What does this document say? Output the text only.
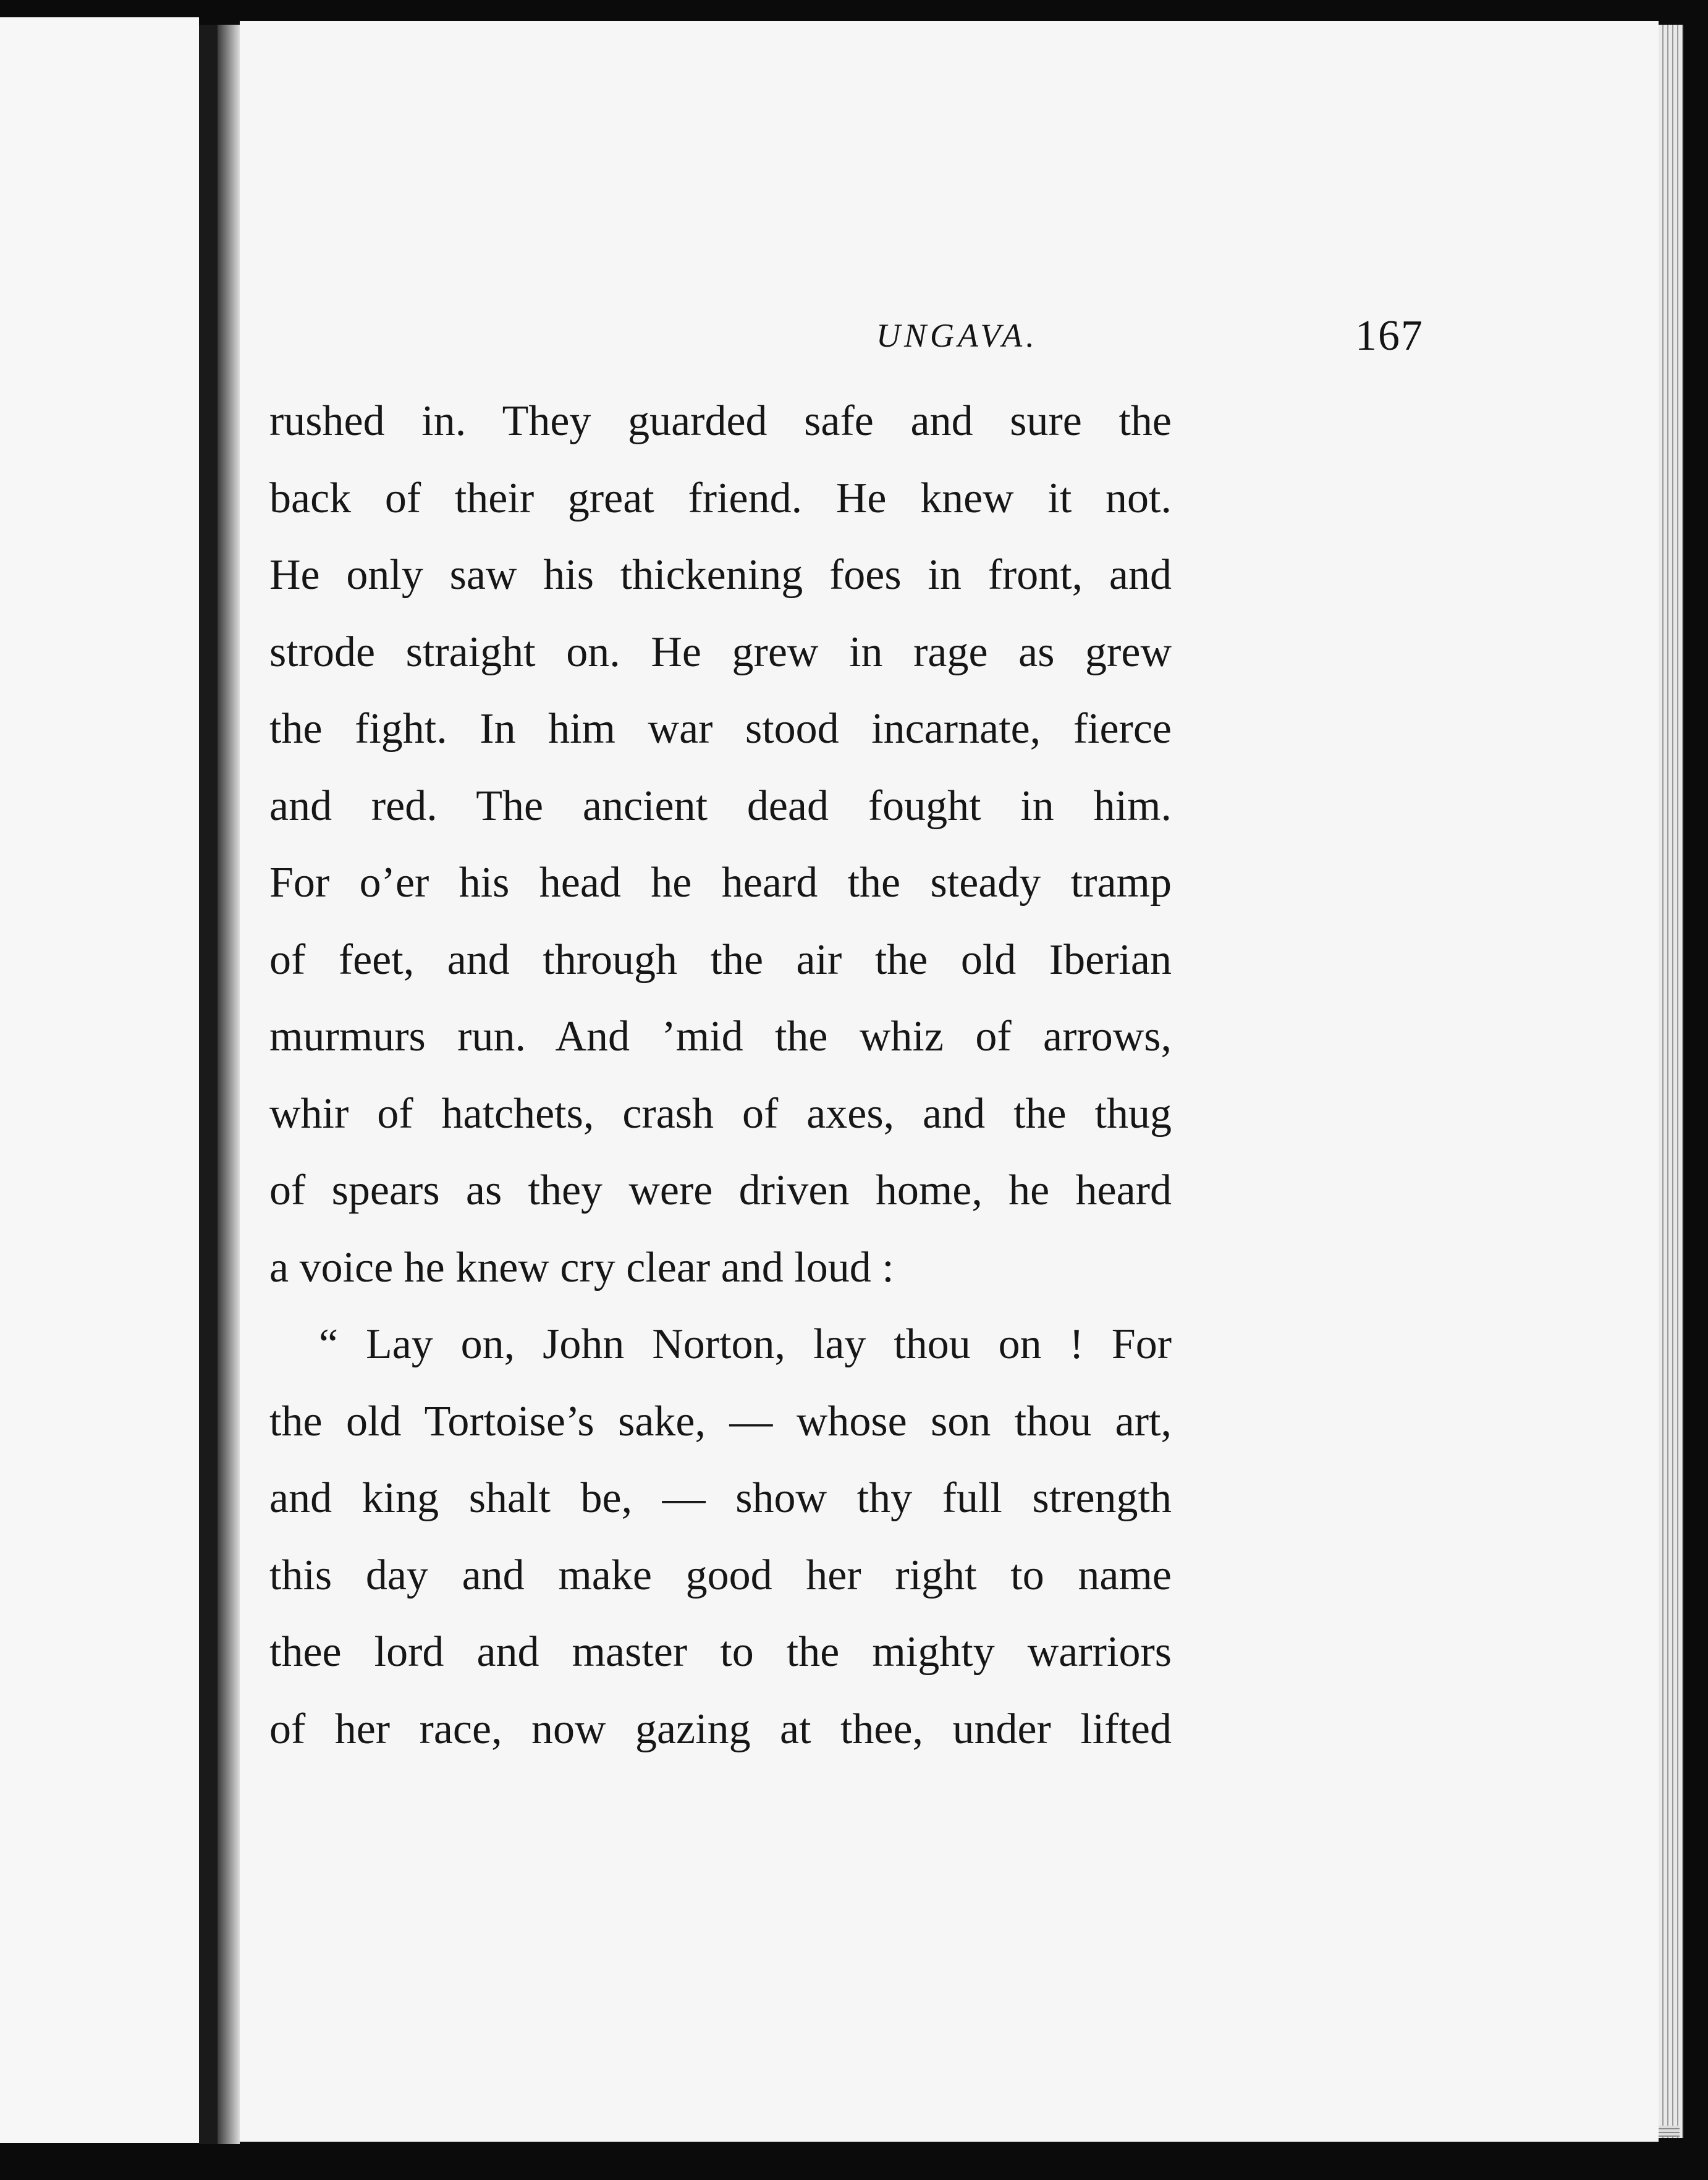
UNGAVA.	167
rushed in. They guarded safe and sure the
back of their great friend. He knew it not.
He only saw his thickening foes in front, and
strode straight on. He grew in rage as grew
the fight. In him war stood incarnate, fierce
and red. The ancient dead fought in him.
For o’er his head he heard the steady tramp
of feet, and through the air the old Iberian
murmurs run. And ’mid the whiz of arrows,
whir of hatchets, crash of axes, and the thug
of spears as they were driven home, he heard
a voice he knew cry clear and loud :
“ Lay on, John Norton, lay thou on ! For
the old Tortoise’s sake, — whose son thou art,
and king shalt be, — show thy full strength
this day and make good her right to name
thee lord and master to the mighty warriors
of her race, now gazing at thee, under lifted
